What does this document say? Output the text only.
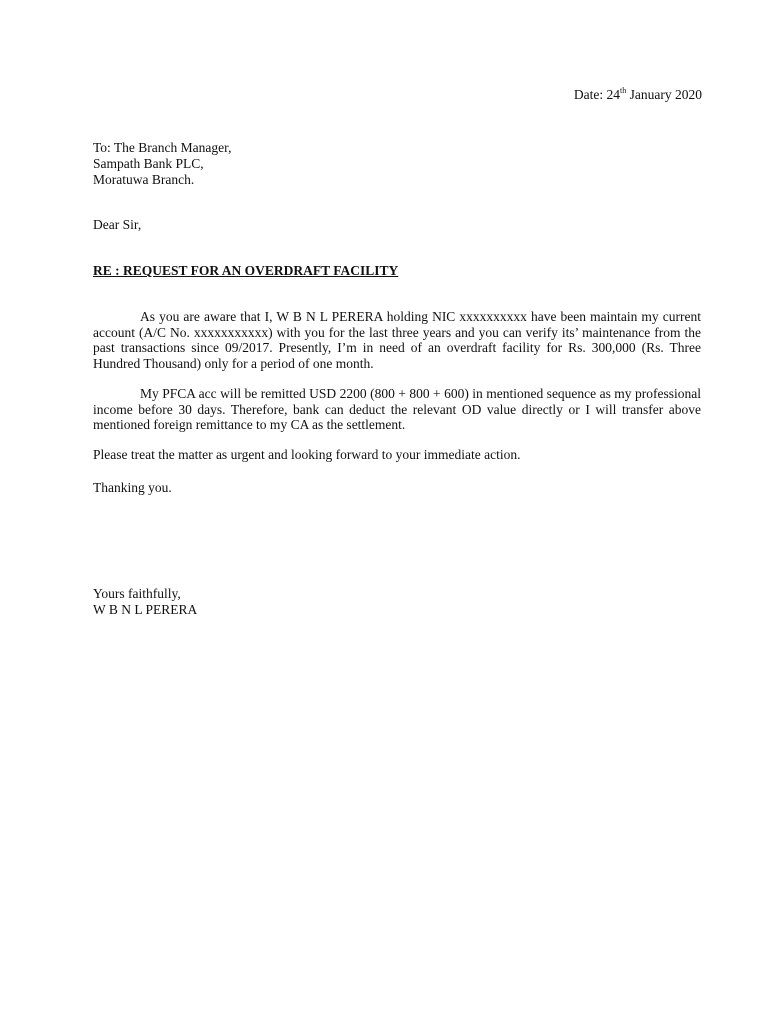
Date: 24th January 2020
To: The Branch Manager,
Sampath Bank PLC,
Moratuwa Branch.
Dear Sir,
RE : REQUEST FOR AN OVERDRAFT FACILITY
As you are aware that I, W B N L PERERA holding NIC xxxxxxxxxx have been maintain my current account (A/C No. xxxxxxxxxxx) with you for the last three years and you can verify its’ maintenance from the past transactions since 09/2017. Presently, I’m in need of an overdraft facility for Rs. 300,000 (Rs. Three Hundred Thousand) only for a period of one month.
My PFCA acc will be remitted USD 2200 (800 + 800 + 600) in mentioned sequence as my professional income before 30 days. Therefore, bank can deduct the relevant OD value directly or I will transfer above mentioned foreign remittance to my CA as the settlement.
Please treat the matter as urgent and looking forward to your immediate action.
Thanking you.
Yours faithfully,
W B N L PERERA
